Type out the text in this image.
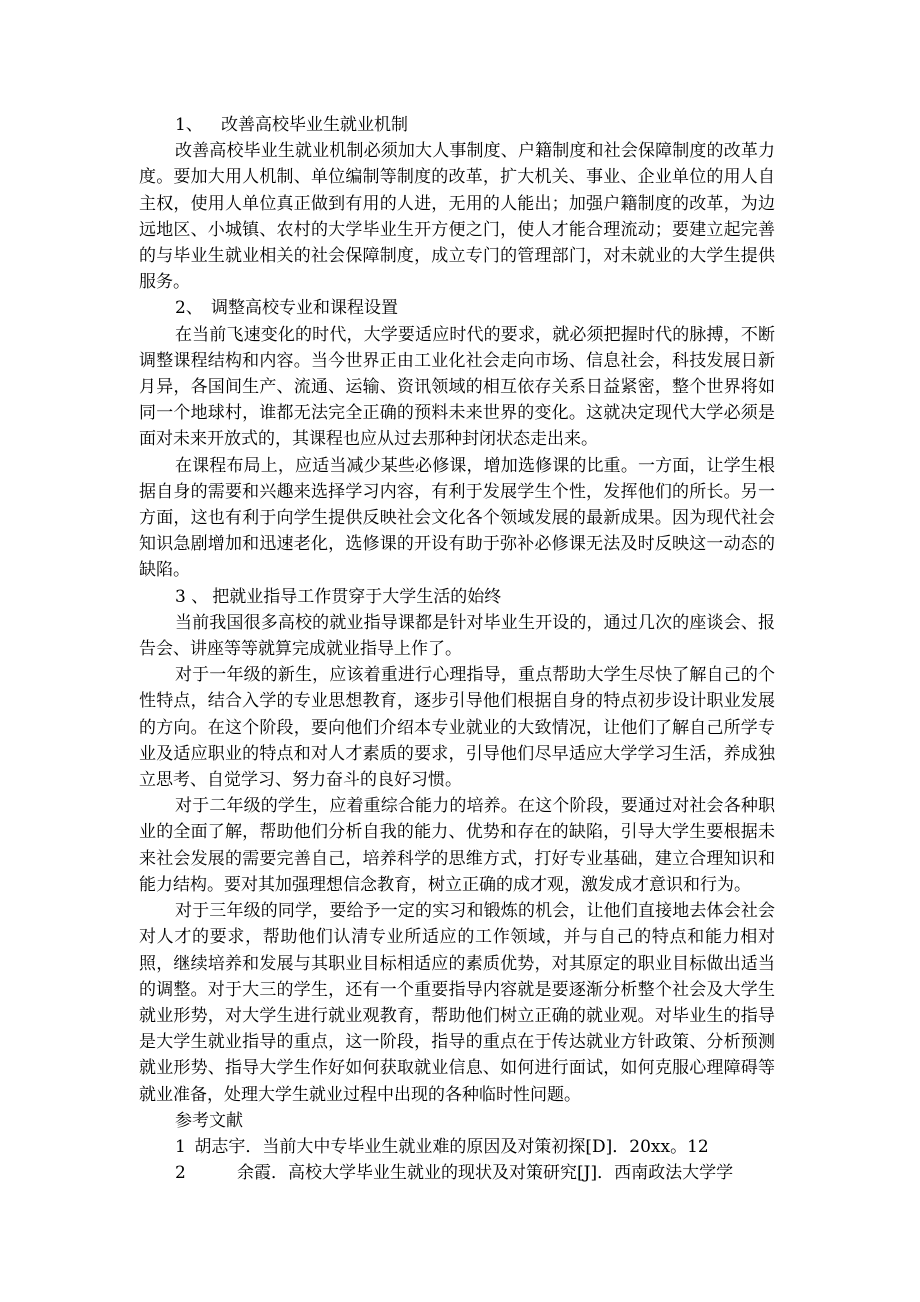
1、 改善高校毕业生就业机制

改善高校毕业生就业机制必须加大人事制度、户籍制度和社会保障制度的改革力度。要加大用人机制、单位编制等制度的改革，扩大机关、事业、企业单位的用人自主权，使用人单位真正做到有用的人进，无用的人能出；加强户籍制度的改革，为边远地区、小城镇、农村的大学毕业生开方便之门，使人才能合理流动；要建立起完善的与毕业生就业相关的社会保障制度，成立专门的管理部门，对未就业的大学生提供服务。

2、 调整高校专业和课程设置

在当前飞速变化的时代，大学要适应时代的要求，就必须把握时代的脉搏，不断调整课程结构和内容。当今世界正由工业化社会走向市场、信息社会，科技发展日新月异，各国间生产、流通、运输、资讯领域的相互依存关系日益紧密，整个世界将如同一个地球村，谁都无法完全正确的预料未来世界的变化。这就决定现代大学必须是面对未来开放式的，其课程也应从过去那种封闭状态走出来。

在课程布局上，应适当减少某些必修课，增加选修课的比重。一方面，让学生根据自身的需要和兴趣来选择学习内容，有利于发展学生个性，发挥他们的所长。另一方面，这也有利于向学生提供反映社会文化各个领域发展的最新成果。因为现代社会知识急剧增加和迅速老化，选修课的开设有助于弥补必修课无法及时反映这一动态的缺陷。

3 、 把就业指导工作贯穿于大学生活的始终

当前我国很多高校的就业指导课都是针对毕业生开设的，通过几次的座谈会、报告会、讲座等等就算完成就业指导上作了。

对于一年级的新生，应该着重进行心理指导，重点帮助大学生尽快了解自己的个性特点，结合入学的专业思想教育，逐步引导他们根据自身的特点初步设计职业发展的方向。在这个阶段，要向他们介绍本专业就业的大致情况，让他们了解自己所学专业及适应职业的特点和对人才素质的要求，引导他们尽早适应大学学习生活，养成独立思考、自觉学习、努力奋斗的良好习惯。

对于二年级的学生，应着重综合能力的培养。在这个阶段，要通过对社会各种职业的全面了解，帮助他们分析自我的能力、优势和存在的缺陷，引导大学生要根据未来社会发展的需要完善自己，培养科学的思维方式，打好专业基础，建立合理知识和能力结构。要对其加强理想信念教育，树立正确的成才观，激发成才意识和行为。

对于三年级的同学，要给予一定的实习和锻炼的机会，让他们直接地去体会社会对人才的要求，帮助他们认清专业所适应的工作领域，并与自己的特点和能力相对照，继续培养和发展与其职业目标相适应的素质优势，对其原定的职业目标做出适当的调整。对于大三的学生，还有一个重要指导内容就是要逐渐分析整个社会及大学生就业形势，对大学生进行就业观教育，帮助他们树立正确的就业观。对毕业生的指导是大学生就业指导的重点，这一阶段，指导的重点在于传达就业方针政策、分析预测就业形势、指导大学生作好如何获取就业信息、如何进行面试，如何克服心理障碍等就业准备，处理大学生就业过程中出现的各种临时性问题。

参考文献

1 胡志宇．当前大中专毕业生就业难的原因及对策初探[D]．20xx。12

2	余霞．高校大学毕业生就业的现状及对策研究[J]．西南政法大学学
